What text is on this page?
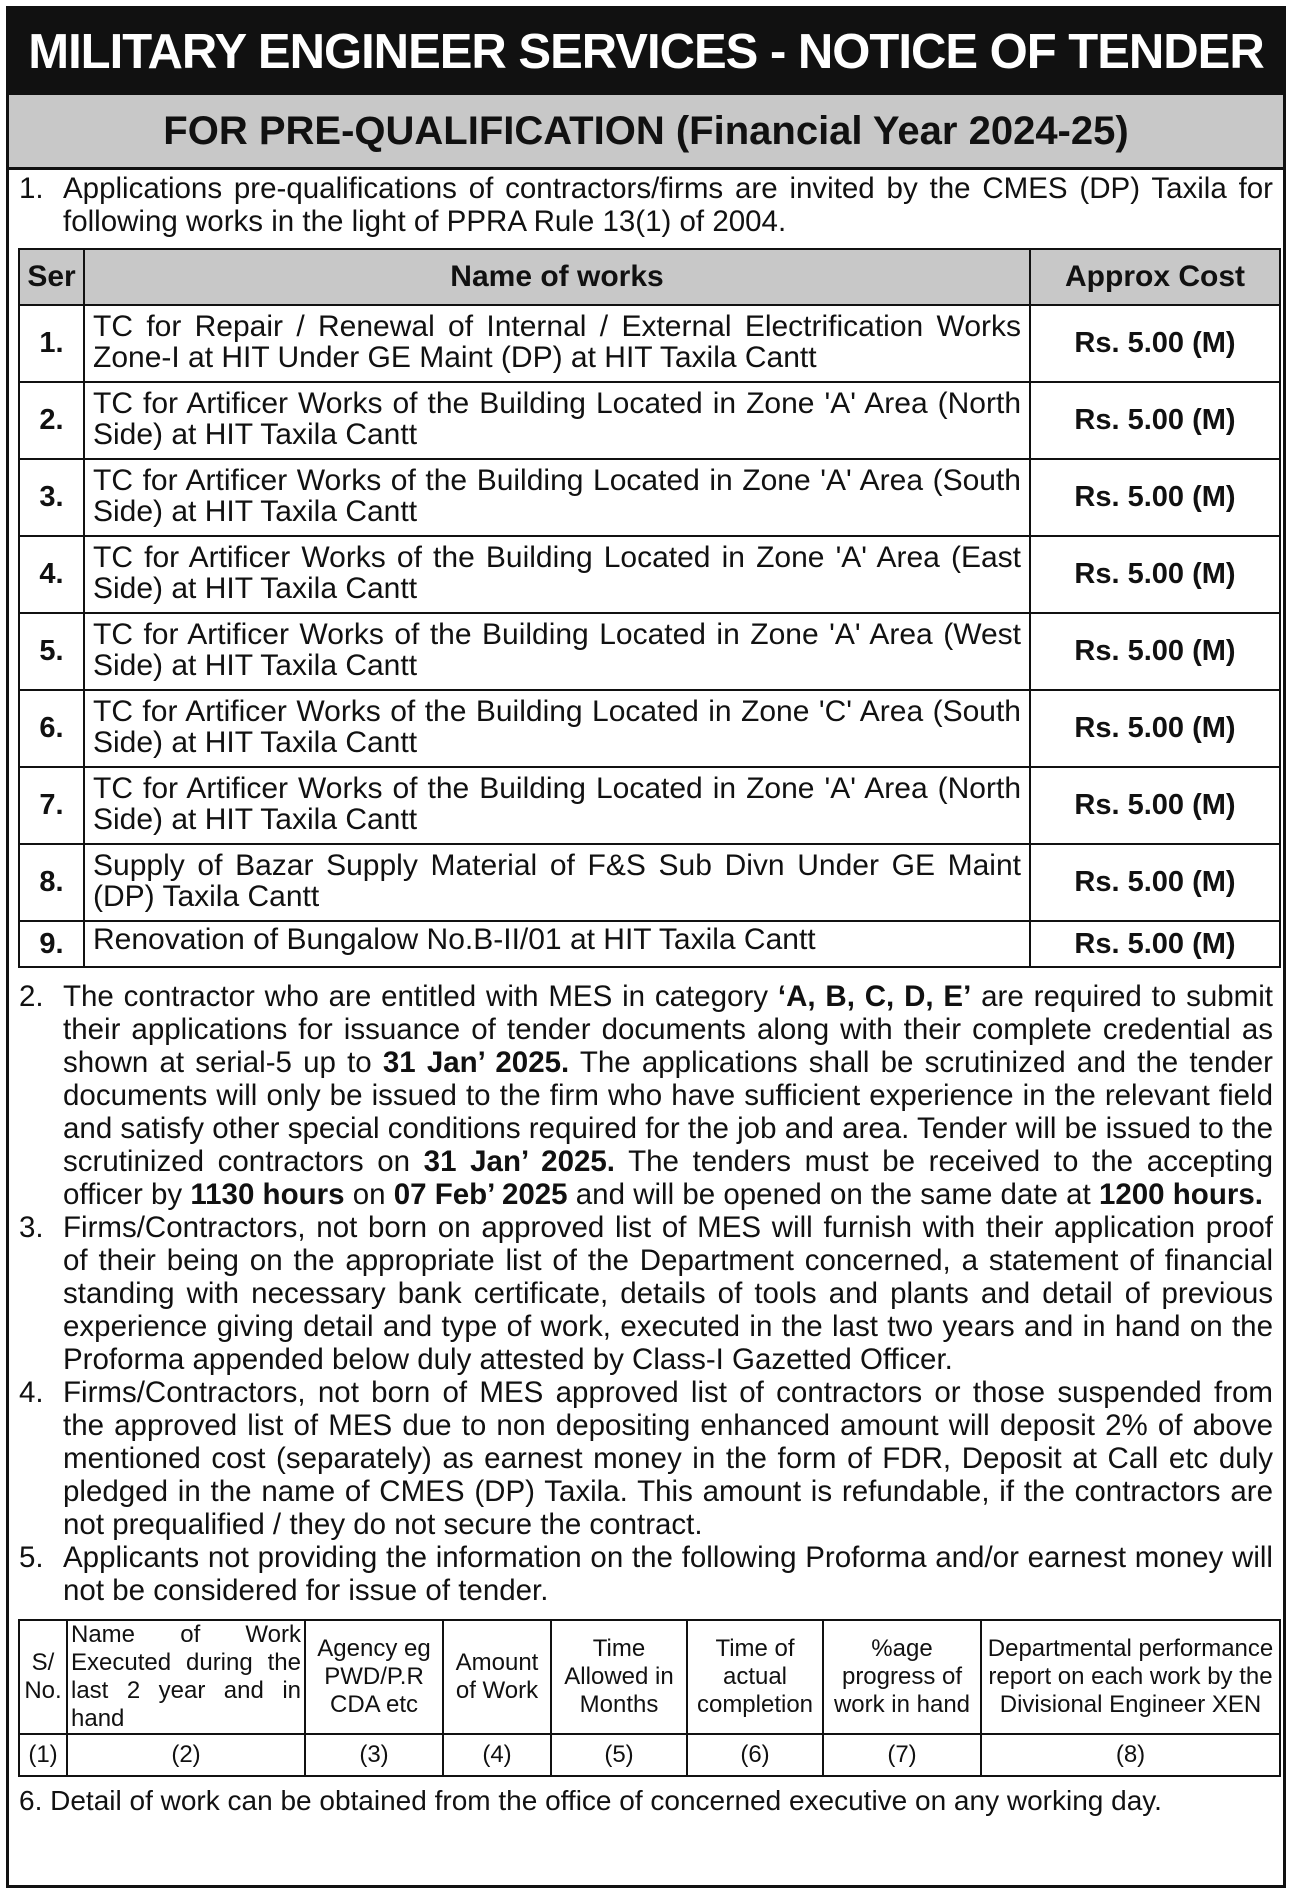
MILITARY ENGINEER SERVICES - NOTICE OF TENDER
FOR PRE-QUALIFICATION (Financial Year 2024-25)
1. Applications pre-qualifications of contractors/firms are invited by the CMES (DP) Taxila for following works in the light of PPRA Rule 13(1) of 2004.
Ser	Name of works	Approx Cost
1.	TC for Repair / Renewal of Internal / External Electrification Works Zone-I at HIT Under GE Maint (DP) at HIT Taxila Cantt	Rs. 5.00 (M)
2.	TC for Artificer Works of the Building Located in Zone 'A' Area (North Side) at HIT Taxila Cantt	Rs. 5.00 (M)
3.	TC for Artificer Works of the Building Located in Zone 'A' Area (South Side) at HIT Taxila Cantt	Rs. 5.00 (M)
4.	TC for Artificer Works of the Building Located in Zone 'A' Area (East Side) at HIT Taxila Cantt	Rs. 5.00 (M)
5.	TC for Artificer Works of the Building Located in Zone 'A' Area (West Side) at HIT Taxila Cantt	Rs. 5.00 (M)
6.	TC for Artificer Works of the Building Located in Zone 'C' Area (South Side) at HIT Taxila Cantt	Rs. 5.00 (M)
7.	TC for Artificer Works of the Building Located in Zone 'A' Area (North Side) at HIT Taxila Cantt	Rs. 5.00 (M)
8.	Supply of Bazar Supply Material of F&S Sub Divn Under GE Maint (DP) Taxila Cantt	Rs. 5.00 (M)
9.	Renovation of Bungalow No.B-II/01 at HIT Taxila Cantt	Rs. 5.00 (M)
2. The contractor who are entitled with MES in category ‘A, B, C, D, E’ are required to submit their applications for issuance of tender documents along with their complete credential as shown at serial-5 up to 31 Jan’ 2025. The applications shall be scrutinized and the tender documents will only be issued to the firm who have sufficient experience in the relevant field and satisfy other special conditions required for the job and area. Tender will be issued to the scrutinized contractors on 31 Jan’ 2025. The tenders must be received to the accepting officer by 1130 hours on 07 Feb’ 2025 and will be opened on the same date at 1200 hours.
3. Firms/Contractors, not born on approved list of MES will furnish with their application proof of their being on the appropriate list of the Department concerned, a statement of financial standing with necessary bank certificate, details of tools and plants and detail of previous experience giving detail and type of work, executed in the last two years and in hand on the Proforma appended below duly attested by Class-I Gazetted Officer.
4. Firms/Contractors, not born of MES approved list of contractors or those suspended from the approved list of MES due to non depositing enhanced amount will deposit 2% of above mentioned cost (separately) as earnest money in the form of FDR, Deposit at Call etc duly pledged in the name of CMES (DP) Taxila. This amount is refundable, if the contractors are not prequalified / they do not secure the contract.
5. Applicants not providing the information on the following Proforma and/or earnest money will not be considered for issue of tender.
S/ No.	Name of Work Executed during the last 2 year and in hand	Agency eg PWD/P.R CDA etc	Amount of Work	Time Allowed in Months	Time of actual completion	%age progress of work in hand	Departmental performance report on each work by the Divisional Engineer XEN
(1)	(2)	(3)	(4)	(5)	(6)	(7)	(8)
6. Detail of work can be obtained from the office of concerned executive on any working day.
